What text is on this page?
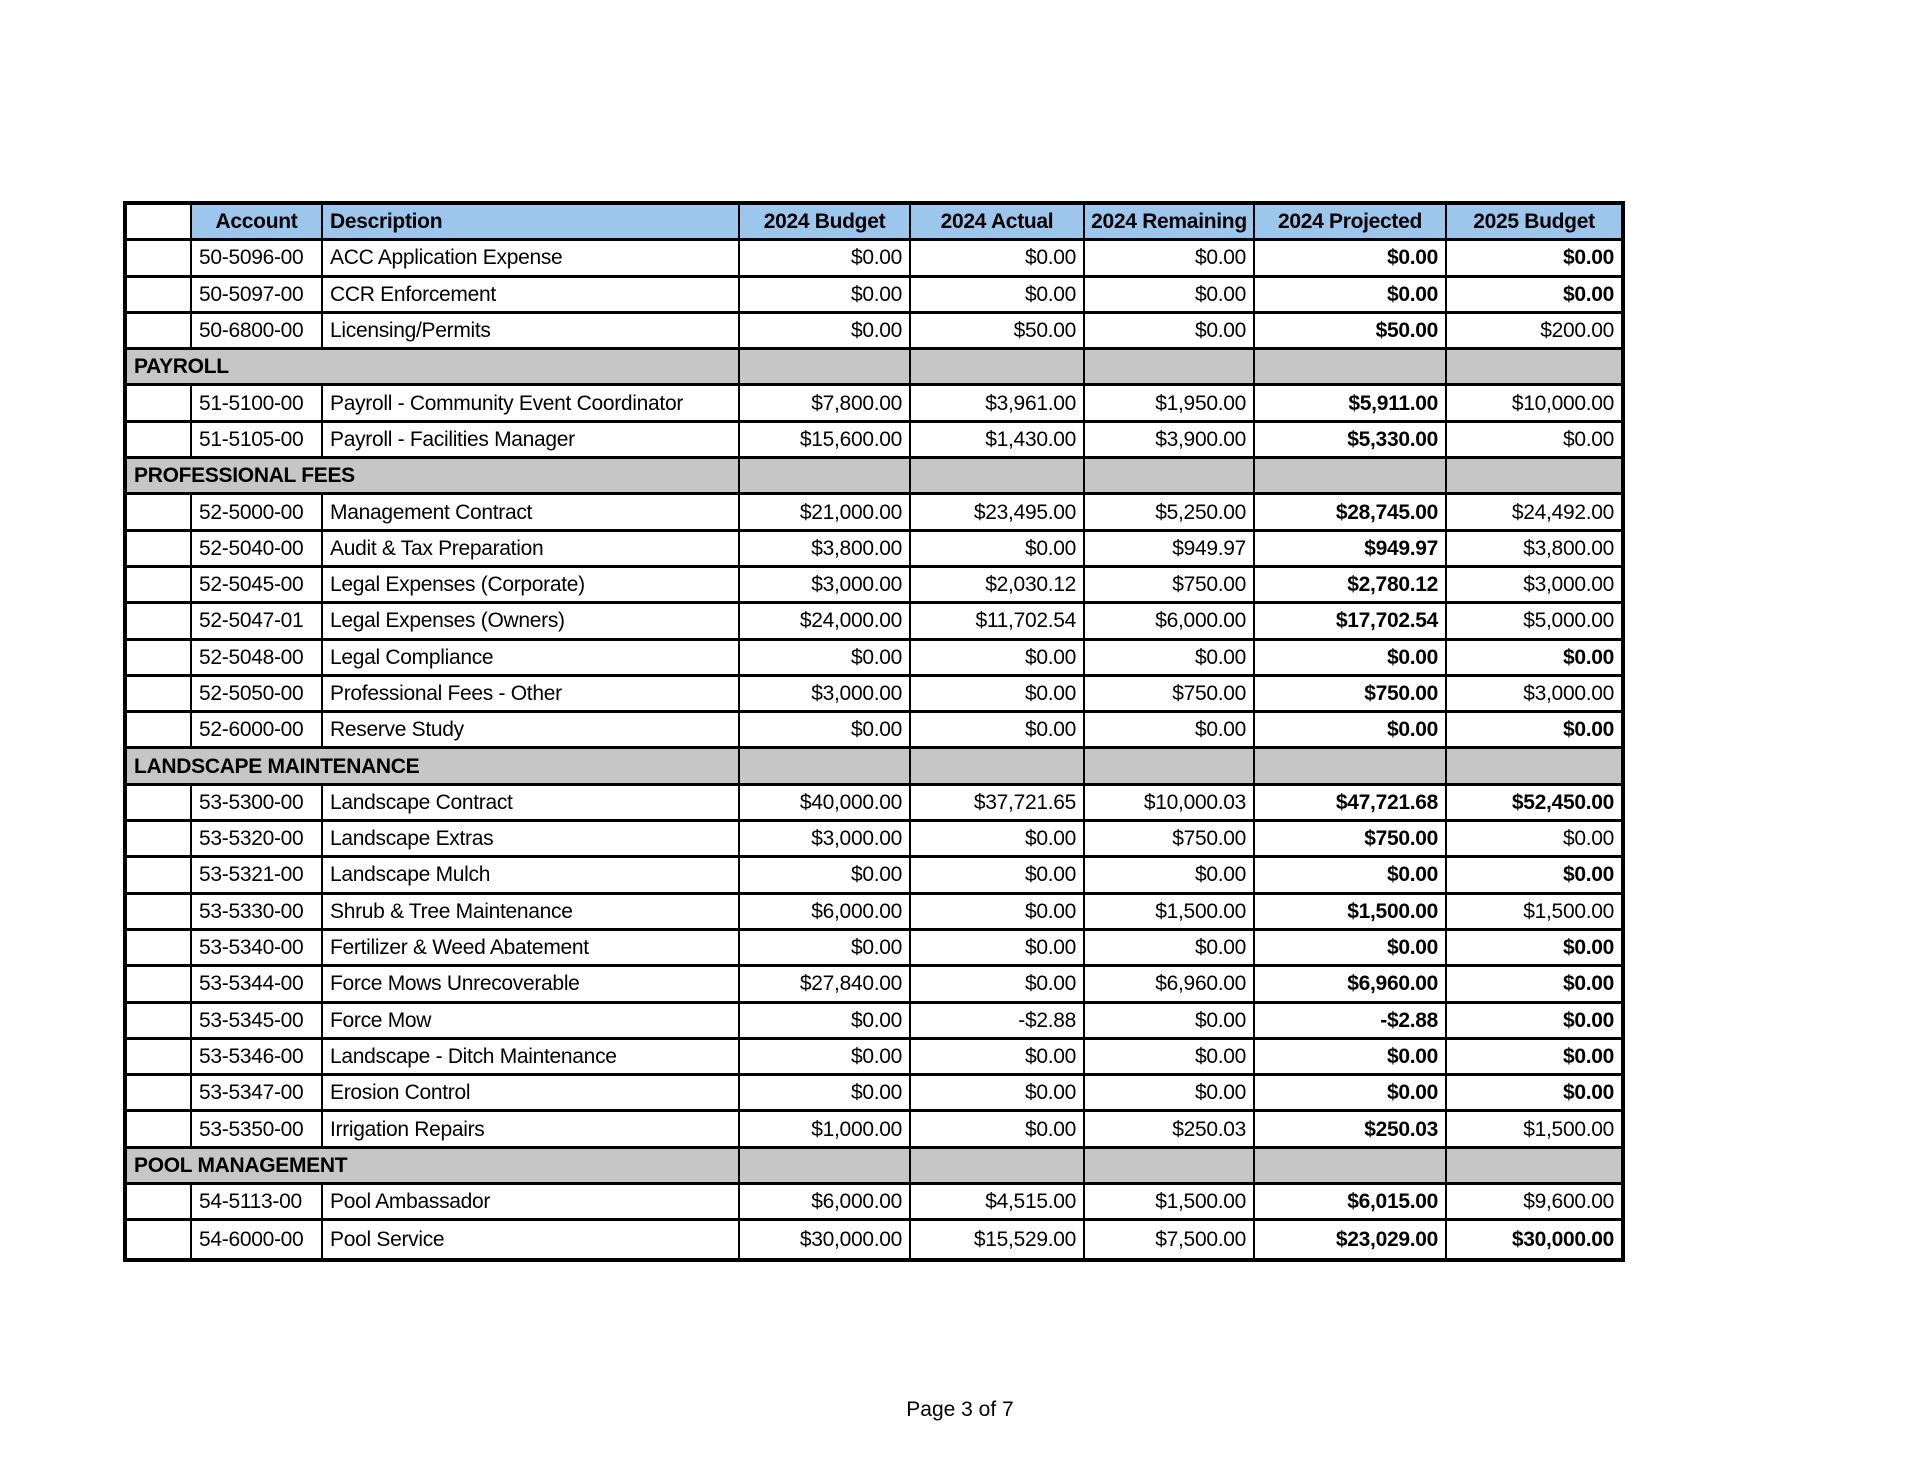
Account	Description	2024 Budget	2024 Actual	2024 Remaining	2024 Projected	2025 Budget
50-5096-00	ACC Application Expense	$0.00	$0.00	$0.00	$0.00	$0.00
50-5097-00	CCR Enforcement	$0.00	$0.00	$0.00	$0.00	$0.00
50-6800-00	Licensing/Permits	$0.00	$50.00	$0.00	$50.00	$200.00
PAYROLL
51-5100-00	Payroll - Community Event Coordinator	$7,800.00	$3,961.00	$1,950.00	$5,911.00	$10,000.00
51-5105-00	Payroll - Facilities Manager	$15,600.00	$1,430.00	$3,900.00	$5,330.00	$0.00
PROFESSIONAL FEES
52-5000-00	Management Contract	$21,000.00	$23,495.00	$5,250.00	$28,745.00	$24,492.00
52-5040-00	Audit & Tax Preparation	$3,800.00	$0.00	$949.97	$949.97	$3,800.00
52-5045-00	Legal Expenses (Corporate)	$3,000.00	$2,030.12	$750.00	$2,780.12	$3,000.00
52-5047-01	Legal Expenses (Owners)	$24,000.00	$11,702.54	$6,000.00	$17,702.54	$5,000.00
52-5048-00	Legal Compliance	$0.00	$0.00	$0.00	$0.00	$0.00
52-5050-00	Professional Fees - Other	$3,000.00	$0.00	$750.00	$750.00	$3,000.00
52-6000-00	Reserve Study	$0.00	$0.00	$0.00	$0.00	$0.00
LANDSCAPE MAINTENANCE
53-5300-00	Landscape Contract	$40,000.00	$37,721.65	$10,000.03	$47,721.68	$52,450.00
53-5320-00	Landscape Extras	$3,000.00	$0.00	$750.00	$750.00	$0.00
53-5321-00	Landscape Mulch	$0.00	$0.00	$0.00	$0.00	$0.00
53-5330-00	Shrub & Tree Maintenance	$6,000.00	$0.00	$1,500.00	$1,500.00	$1,500.00
53-5340-00	Fertilizer & Weed Abatement	$0.00	$0.00	$0.00	$0.00	$0.00
53-5344-00	Force Mows Unrecoverable	$27,840.00	$0.00	$6,960.00	$6,960.00	$0.00
53-5345-00	Force Mow	$0.00	-$2.88	$0.00	-$2.88	$0.00
53-5346-00	Landscape - Ditch Maintenance	$0.00	$0.00	$0.00	$0.00	$0.00
53-5347-00	Erosion Control	$0.00	$0.00	$0.00	$0.00	$0.00
53-5350-00	Irrigation Repairs	$1,000.00	$0.00	$250.03	$250.03	$1,500.00
POOL MANAGEMENT
54-5113-00	Pool Ambassador	$6,000.00	$4,515.00	$1,500.00	$6,015.00	$9,600.00
54-6000-00	Pool Service	$30,000.00	$15,529.00	$7,500.00	$23,029.00	$30,000.00
Page 3 of 7
